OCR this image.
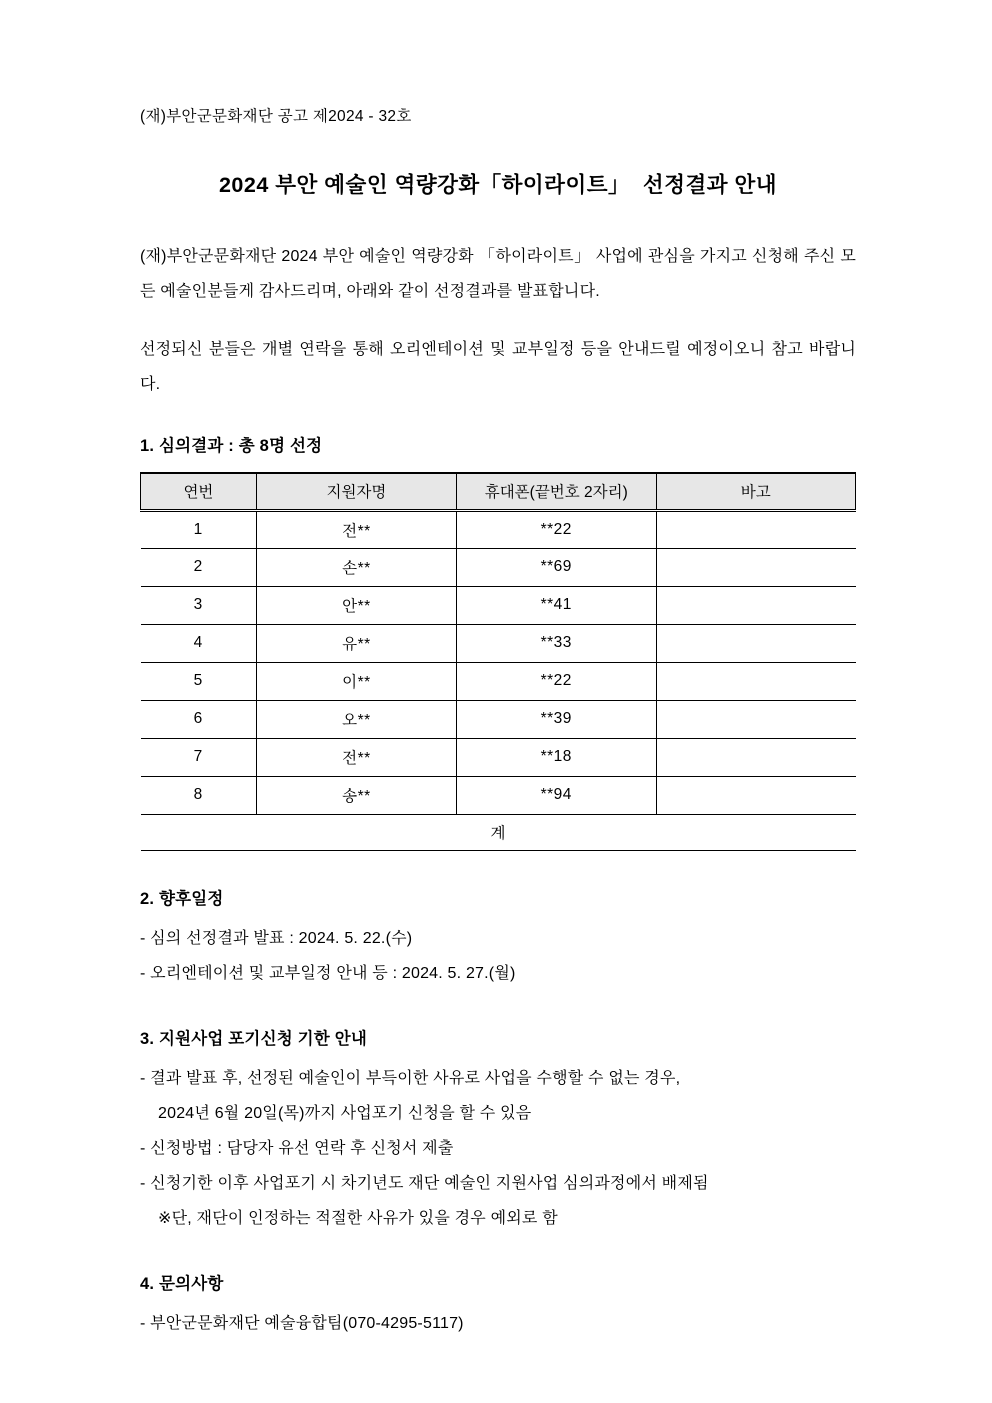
(재)부안군문화재단 공고 제2024 - 32호
2024 부안 예술인 역량강화「하이라이트」  선정결과 안내

(재)부안군문화재단 2024 부안 예술인 역량강화 「하이라이트」 사업에 관심을 가지고 신청해 주신 모든 예술인분들게 감사드리며, 아래와 같이 선정결과를 발표합니다.

선정되신 분들은 개별 연락을 통해 오리엔테이션 및 교부일정 등을 안내드릴 예정이오니 참고 바랍니다.

1. 심의결과 : 총 8명 선정
연번	지원자명	휴대폰(끝번호 2자리)	바고
1	전**	**22	
2	손**	**69	
3	안**	**41	
4	유**	**33	
5	이**	**22	
6	오**	**39	
7	전**	**18	
8	송**	**94	
계			
2. 향후일정
- 심의 선정결과 발표 : 2024. 5. 22.(수)
- 오리엔테이션 및 교부일정 안내 등 : 2024. 5. 27.(월)
3. 지원사업 포기신청 기한 안내
- 결과 발표 후, 선정된 예술인이 부득이한 사유로 사업을 수행할 수 없는 경우,
2024년 6월 20일(목)까지 사업포기 신청을 할 수 있음
- 신청방법 : 담당자 유선 연락 후 신청서 제출
- 신청기한 이후 사업포기 시 차기년도 재단 예술인 지원사업 심의과정에서 배제됨
※단, 재단이 인정하는 적절한 사유가 있을 경우 예외로 함
4. 문의사항
- 부안군문화재단 예술융합팀(070-4295-5117)
